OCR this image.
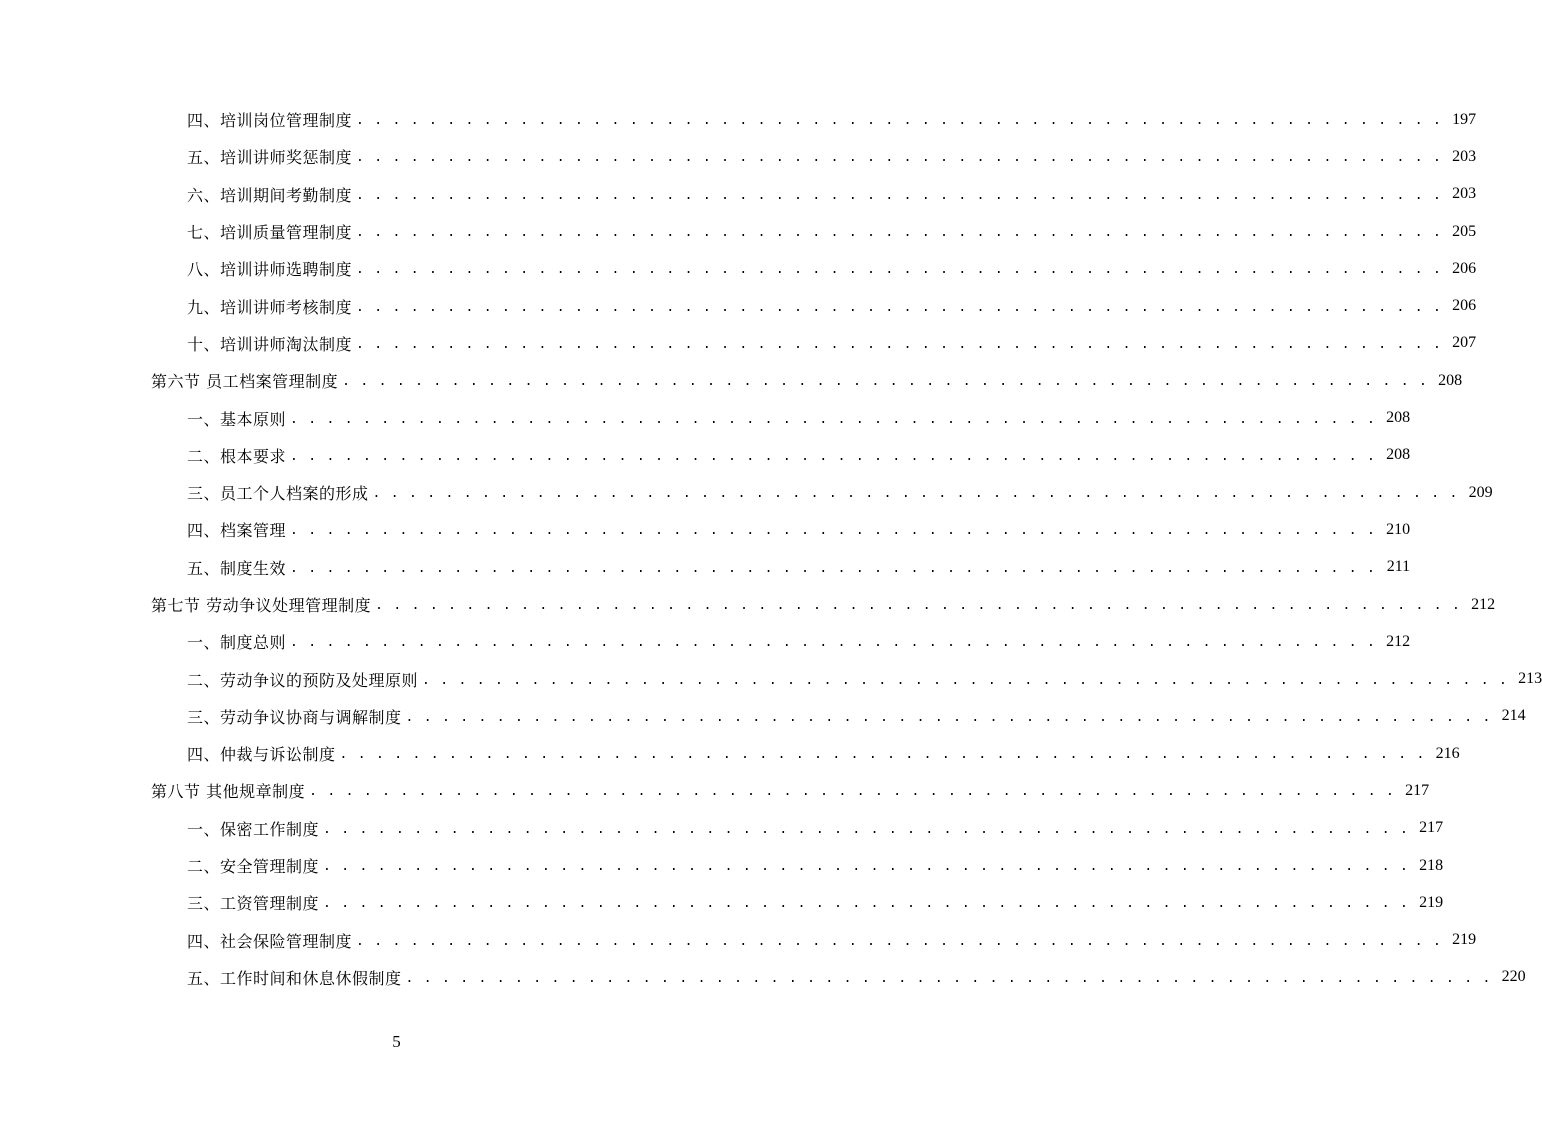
四、培训岗位管理制度 . . . . . . . . . . . . . . . . . . . . . . . . . . . . . . . . . . . . . . . . . . . . . . . . . . . . . . . . . . . . 197
五、培训讲师奖惩制度 . . . . . . . . . . . . . . . . . . . . . . . . . . . . . . . . . . . . . . . . . . . . . . . . . . . . . . . . . . . . 203
六、培训期间考勤制度 . . . . . . . . . . . . . . . . . . . . . . . . . . . . . . . . . . . . . . . . . . . . . . . . . . . . . . . . . . . . 203
七、培训质量管理制度 . . . . . . . . . . . . . . . . . . . . . . . . . . . . . . . . . . . . . . . . . . . . . . . . . . . . . . . . . . . . 205
八、培训讲师选聘制度 . . . . . . . . . . . . . . . . . . . . . . . . . . . . . . . . . . . . . . . . . . . . . . . . . . . . . . . . . . . . 206
九、培训讲师考核制度 . . . . . . . . . . . . . . . . . . . . . . . . . . . . . . . . . . . . . . . . . . . . . . . . . . . . . . . . . . . . 206
十、培训讲师淘汰制度 . . . . . . . . . . . . . . . . . . . . . . . . . . . . . . . . . . . . . . . . . . . . . . . . . . . . . . . . . . . . 207
第六节 员工档案管理制度 . . . . . . . . . . . . . . . . . . . . . . . . . . . . . . . . . . . . . . . . . . . . . . . . . . . . . . . . . . . . 208
一、基本原则 . . . . . . . . . . . . . . . . . . . . . . . . . . . . . . . . . . . . . . . . . . . . . . . . . . . . . . . . . . . . 208
二、根本要求 . . . . . . . . . . . . . . . . . . . . . . . . . . . . . . . . . . . . . . . . . . . . . . . . . . . . . . . . . . . . 208
三、员工个人档案的形成 . . . . . . . . . . . . . . . . . . . . . . . . . . . . . . . . . . . . . . . . . . . . . . . . . . . . . . . . . . . . 209
四、档案管理 . . . . . . . . . . . . . . . . . . . . . . . . . . . . . . . . . . . . . . . . . . . . . . . . . . . . . . . . . . . . 210
五、制度生效 . . . . . . . . . . . . . . . . . . . . . . . . . . . . . . . . . . . . . . . . . . . . . . . . . . . . . . . . . . . . 211
第七节 劳动争议处理管理制度 . . . . . . . . . . . . . . . . . . . . . . . . . . . . . . . . . . . . . . . . . . . . . . . . . . . . . . . . . . . . 212
一、制度总则 . . . . . . . . . . . . . . . . . . . . . . . . . . . . . . . . . . . . . . . . . . . . . . . . . . . . . . . . . . . . 212
二、劳动争议的预防及处理原则 . . . . . . . . . . . . . . . . . . . . . . . . . . . . . . . . . . . . . . . . . . . . . . . . . . . . . . . . . . . . 213
三、劳动争议协商与调解制度 . . . . . . . . . . . . . . . . . . . . . . . . . . . . . . . . . . . . . . . . . . . . . . . . . . . . . . . . . . . . 214
四、仲裁与诉讼制度 . . . . . . . . . . . . . . . . . . . . . . . . . . . . . . . . . . . . . . . . . . . . . . . . . . . . . . . . . . . . 216
第八节 其他规章制度 . . . . . . . . . . . . . . . . . . . . . . . . . . . . . . . . . . . . . . . . . . . . . . . . . . . . . . . . . . . . 217
一、保密工作制度 . . . . . . . . . . . . . . . . . . . . . . . . . . . . . . . . . . . . . . . . . . . . . . . . . . . . . . . . . . . . 217
二、安全管理制度 . . . . . . . . . . . . . . . . . . . . . . . . . . . . . . . . . . . . . . . . . . . . . . . . . . . . . . . . . . . . 218
三、工资管理制度 . . . . . . . . . . . . . . . . . . . . . . . . . . . . . . . . . . . . . . . . . . . . . . . . . . . . . . . . . . . . 219
四、社会保险管理制度 . . . . . . . . . . . . . . . . . . . . . . . . . . . . . . . . . . . . . . . . . . . . . . . . . . . . . . . . . . . . 219
五、工作时间和休息休假制度 . . . . . . . . . . . . . . . . . . . . . . . . . . . . . . . . . . . . . . . . . . . . . . . . . . . . . . . . . . . . 220
5
